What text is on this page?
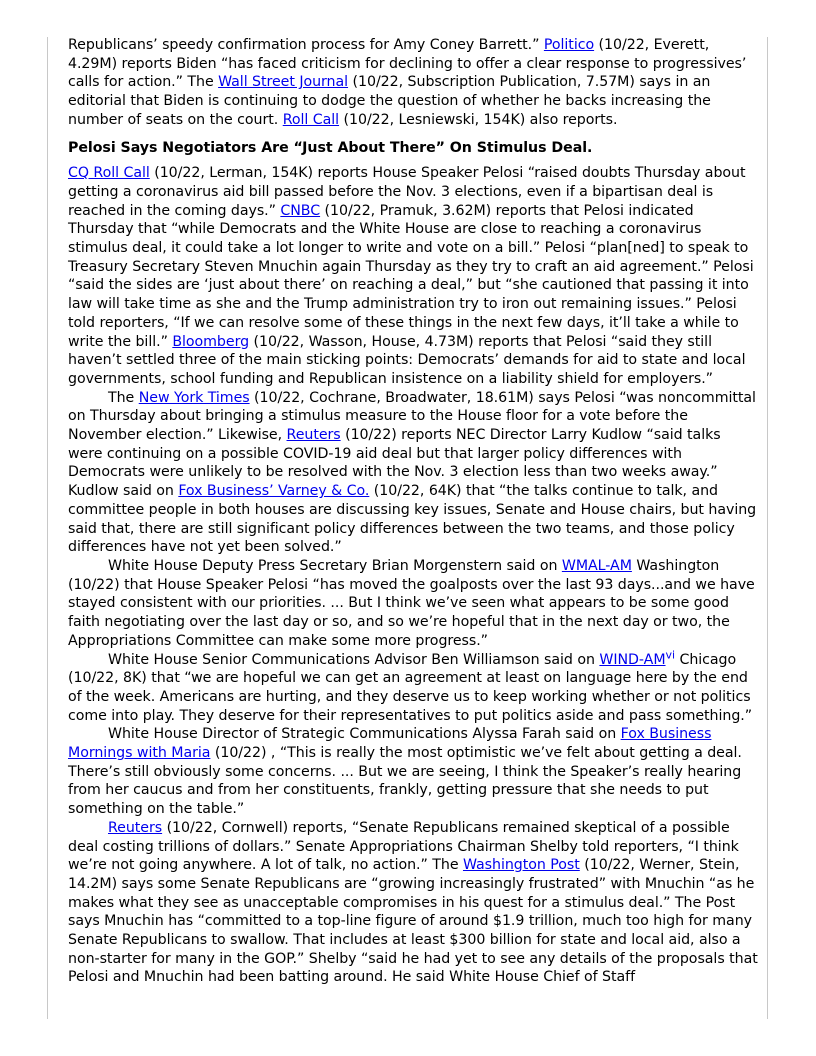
Republicans’ speedy confirmation process for Amy Coney Barrett.” Politico (10/22, Everett, 4.29M) reports Biden “has faced criticism for declining to offer a clear response to progressives’ calls for action.” The Wall Street Journal (10/22, Subscription Publication, 7.57M) says in an editorial that Biden is continuing to dodge the question of whether he backs increasing the number of seats on the court. Roll Call (10/22, Lesniewski, 154K) also reports.

Pelosi Says Negotiators Are “Just About There” On Stimulus Deal.

CQ Roll Call (10/22, Lerman, 154K) reports House Speaker Pelosi “raised doubts Thursday about getting a coronavirus aid bill passed before the Nov. 3 elections, even if a bipartisan deal is reached in the coming days.” CNBC (10/22, Pramuk, 3.62M) reports that Pelosi indicated Thursday that “while Democrats and the White House are close to reaching a coronavirus stimulus deal, it could take a lot longer to write and vote on a bill.” Pelosi “plan[ned] to speak to Treasury Secretary Steven Mnuchin again Thursday as they try to craft an aid agreement.” Pelosi “said the sides are ‘just about there’ on reaching a deal,” but “she cautioned that passing it into law will take time as she and the Trump administration try to iron out remaining issues.” Pelosi told reporters, “If we can resolve some of these things in the next few days, it’ll take a while to write the bill.” Bloomberg (10/22, Wasson, House, 4.73M) reports that Pelosi “said they still haven’t settled three of the main sticking points: Democrats’ demands for aid to state and local governments, school funding and Republican insistence on a liability shield for employers.”

The New York Times (10/22, Cochrane, Broadwater, 18.61M) says Pelosi “was noncommittal on Thursday about bringing a stimulus measure to the House floor for a vote before the November election.” Likewise, Reuters (10/22) reports NEC Director Larry Kudlow “said talks were continuing on a possible COVID-19 aid deal but that larger policy differences with Democrats were unlikely to be resolved with the Nov. 3 election less than two weeks away.” Kudlow said on Fox Business’ Varney & Co. (10/22, 64K) that “the talks continue to talk, and committee people in both houses are discussing key issues, Senate and House chairs, but having said that, there are still significant policy differences between the two teams, and those policy differences have not yet been solved.”

White House Deputy Press Secretary Brian Morgenstern said on WMAL-AM Washington (10/22) that House Speaker Pelosi “has moved the goalposts over the last 93 days...and we have stayed consistent with our priorities. ... But I think we’ve seen what appears to be some good faith negotiating over the last day or so, and so we’re hopeful that in the next day or two, the Appropriations Committee can make some more progress.”

White House Senior Communications Advisor Ben Williamson said on WIND-AM$^{vi}$ Chicago (10/22, 8K) that “we are hopeful we can get an agreement at least on language here by the end of the week. Americans are hurting, and they deserve us to keep working whether or not politics come into play. They deserve for their representatives to put politics aside and pass something.”

White House Director of Strategic Communications Alyssa Farah said on Fox Business Mornings with Maria (10/22) , “This is really the most optimistic we’ve felt about getting a deal. There’s still obviously some concerns. ... But we are seeing, I think the Speaker’s really hearing from her caucus and from her constituents, frankly, getting pressure that she needs to put something on the table.”

Reuters (10/22, Cornwell) reports, “Senate Republicans remained skeptical of a possible deal costing trillions of dollars.” Senate Appropriations Chairman Shelby told reporters, “I think we’re not going anywhere. A lot of talk, no action.” The Washington Post (10/22, Werner, Stein, 14.2M) says some Senate Republicans are “growing increasingly frustrated” with Mnuchin “as he makes what they see as unacceptable compromises in his quest for a stimulus deal.” The Post says Mnuchin has “committed to a top-line figure of around $1.9 trillion, much too high for many Senate Republicans to swallow. That includes at least $300 billion for state and local aid, also a non-starter for many in the GOP.” Shelby “said he had yet to see any details of the proposals that Pelosi and Mnuchin had been batting around. He said White House Chief of Staff
